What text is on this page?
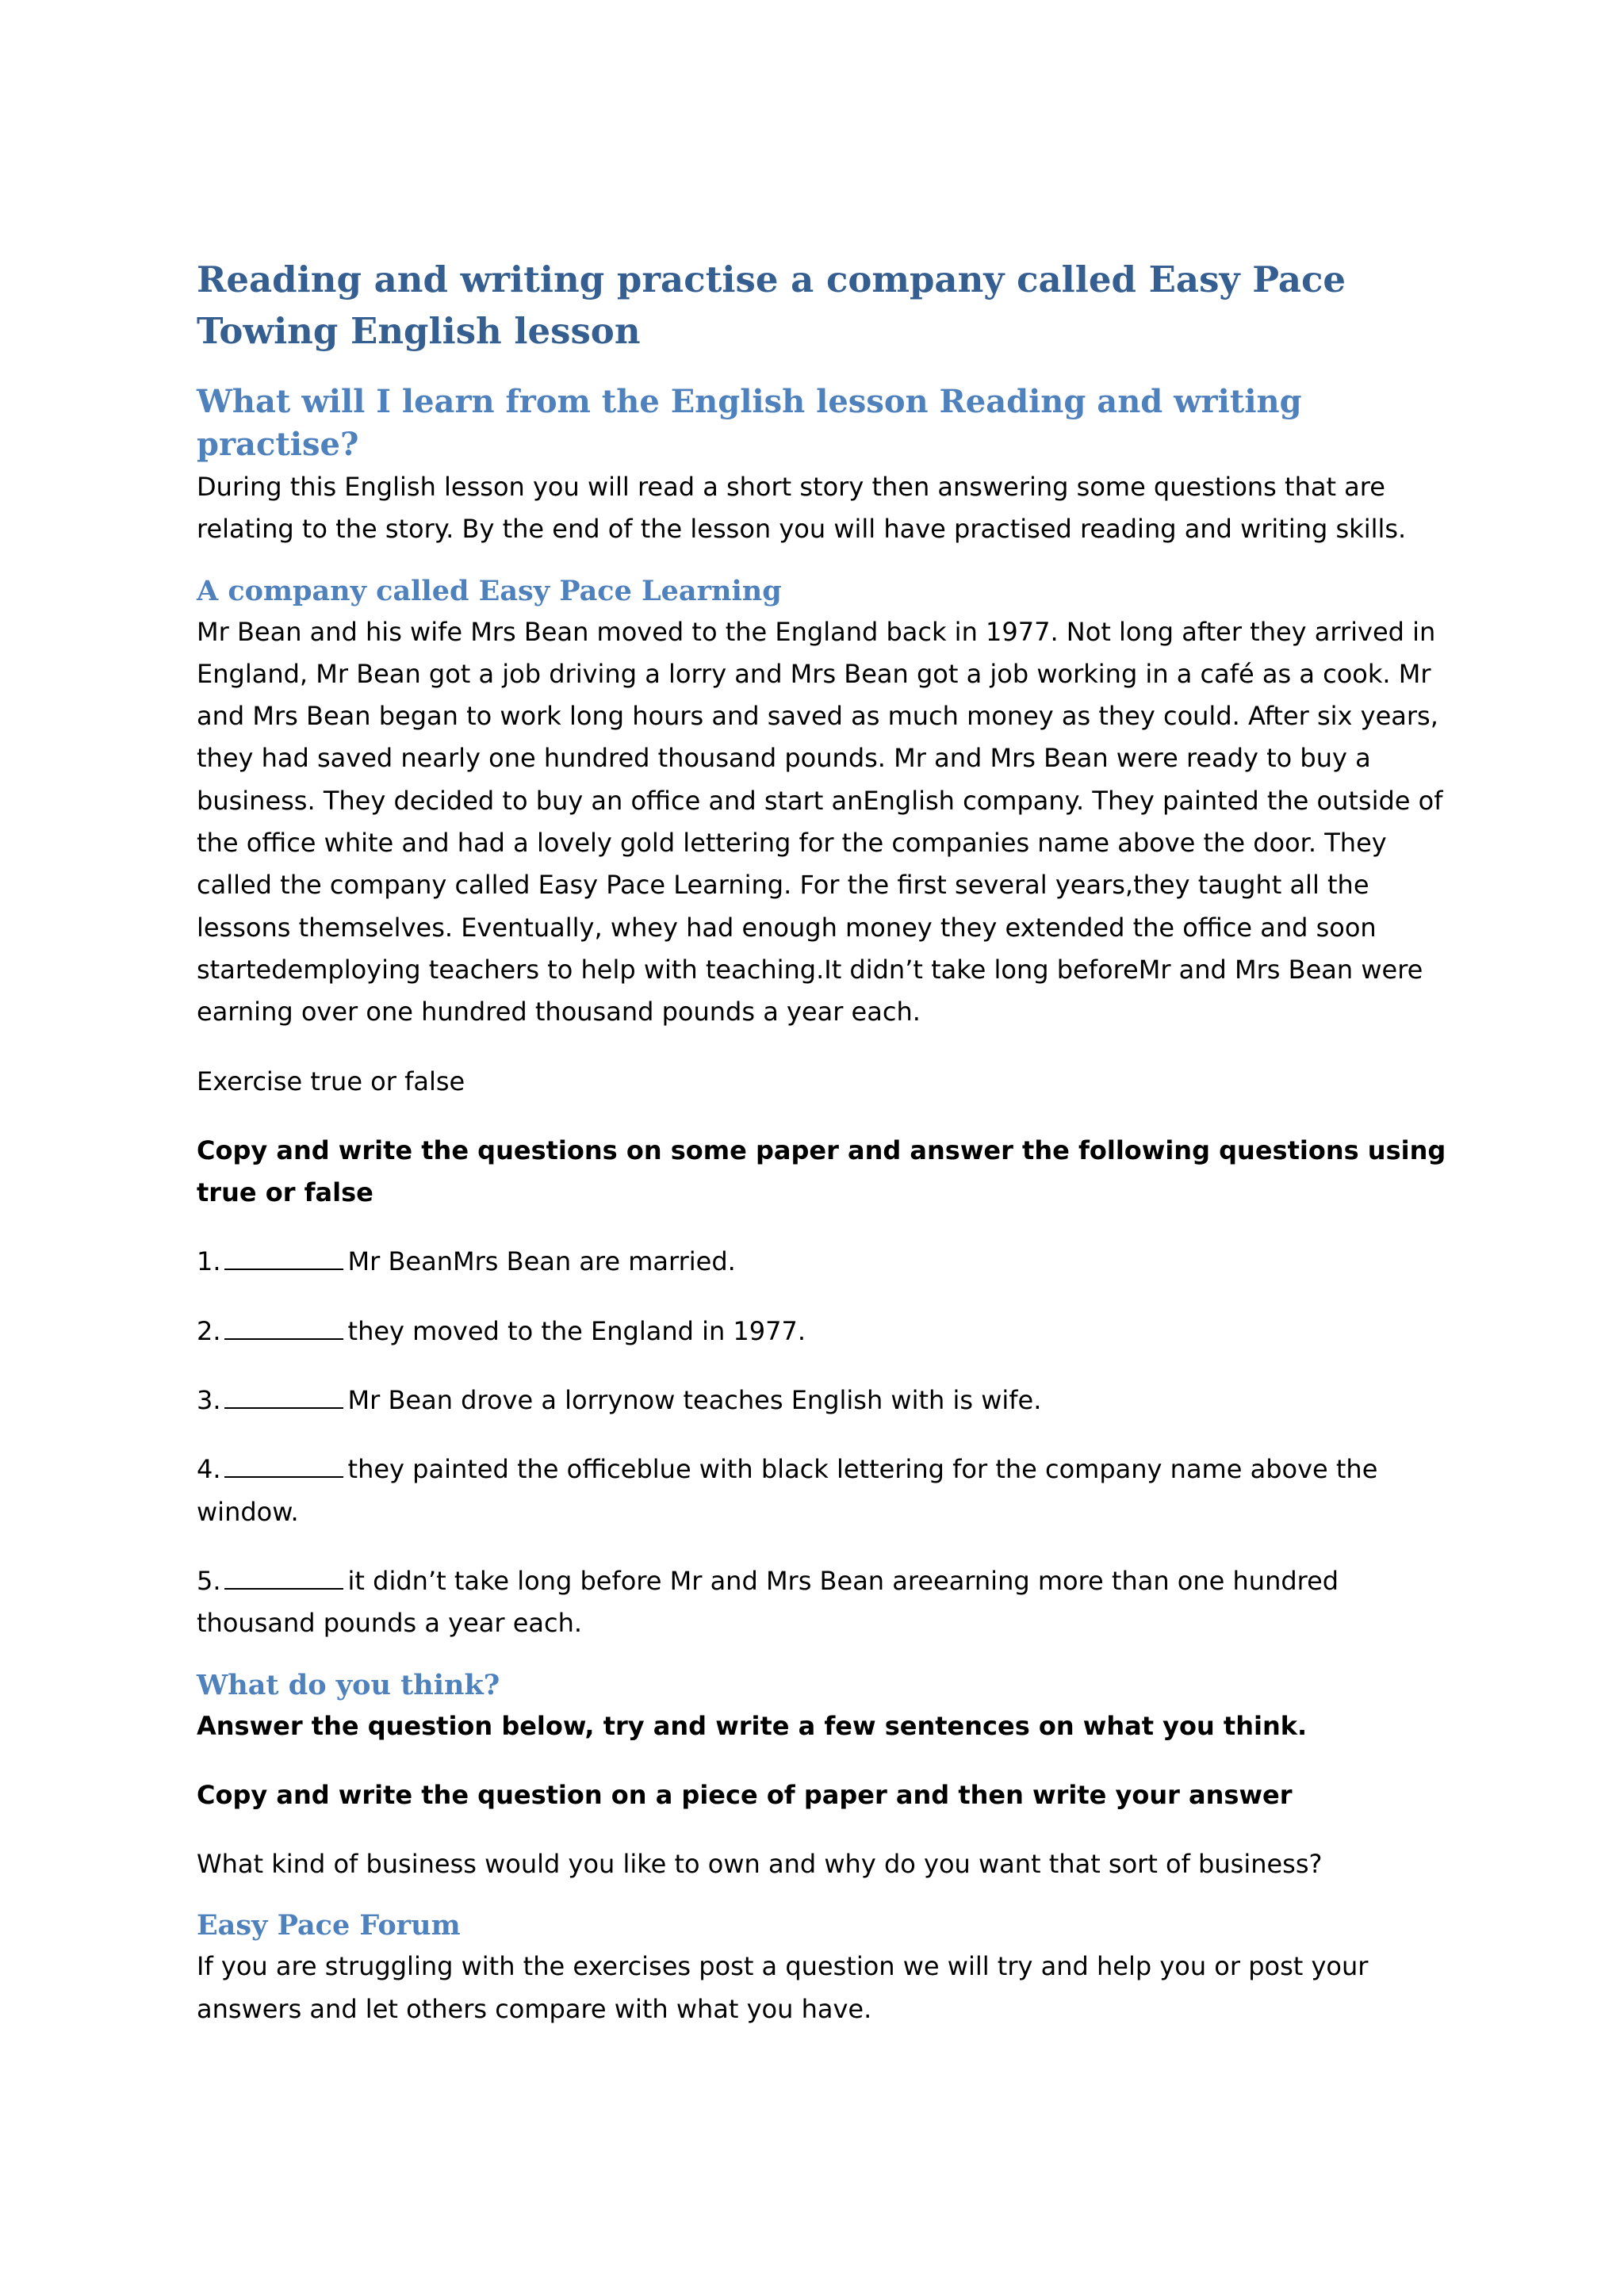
Reading and writing practise a company called Easy Pace Towing English lesson
What will I learn from the English lesson Reading and writing practise?

During this English lesson you will read a short story then answering some questions that are relating to the story. By the end of the lesson you will have practised reading and writing skills.

A company called Easy Pace Learning

Mr Bean and his wife Mrs Bean moved to the England back in 1977. Not long after they arrived in England, Mr Bean got a job driving a lorry and Mrs Bean got a job working in a café as a cook. Mr and Mrs Bean began to work long hours and saved as much money as they could. After six years, they had saved nearly one hundred thousand pounds. Mr and Mrs Bean were ready to buy a business. They decided to buy an office and start anEnglish company. They painted the outside of the office white and had a lovely gold lettering for the companies name above the door. They called the company called Easy Pace Learning. For the first several years,they taught all the lessons themselves. Eventually, whey had enough money they extended the office and soon startedemploying teachers to help with teaching.It didn’t take long beforeMr and Mrs Bean were earning over one hundred thousand pounds a year each.

Exercise true or false

Copy and write the questions on some paper and answer the following questions using true or false

1.	Mr BeanMrs Bean are married.

2.	they moved to the England in 1977.

3.	Mr Bean drove a lorrynow teaches English with is wife.

4.	they painted the officeblue with black lettering for the company name above the window.

5.	it didn’t take long before Mr and Mrs Bean areearning more than one hundred thousand pounds a year each.

What do you think?

Answer the question below, try and write a few sentences on what you think.

Copy and write the question on a piece of paper and then write your answer

What kind of business would you like to own and why do you want that sort of business?

Easy Pace Forum

If you are struggling with the exercises post a question we will try and help you or post your answers and let others compare with what you have.
